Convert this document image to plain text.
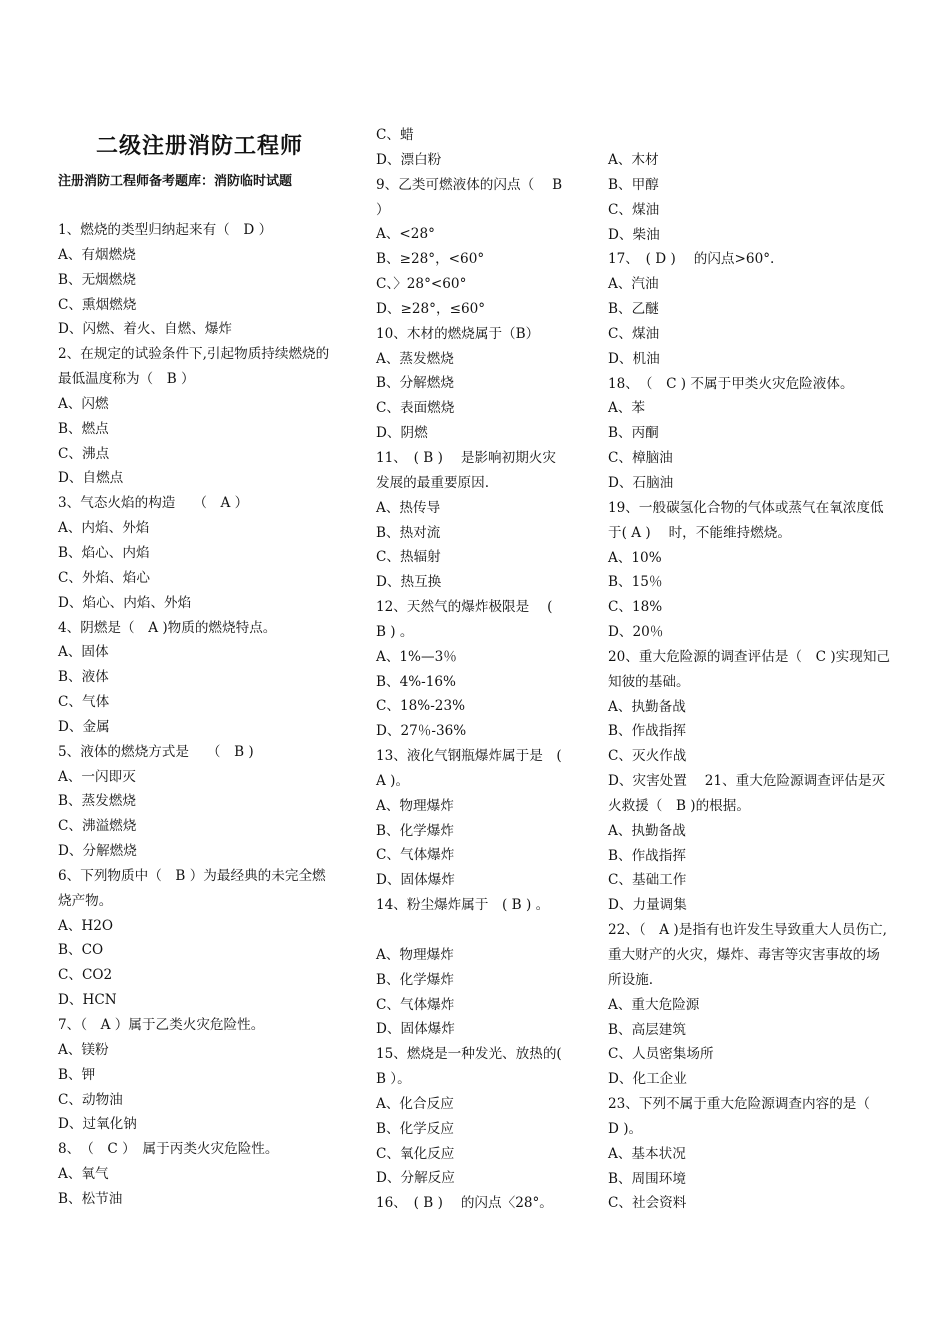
二级注册消防工程师
注册消防工程师备考题库：消防临时试题
1、燃烧的类型归纳起来有（　D ）
A、有烟燃烧
B、无烟燃烧
C、熏烟燃烧
D、闪燃、着火、自燃、爆炸
2、在规定的试验条件下,引起物质持续燃烧的
最低温度称为（　B ）
A、闪燃
B、燃点
C、沸点
D、自燃点
3、气态火焰的构造　 （　A ）
A、内焰、外焰
B、焰心、内焰
C、外焰、焰心
D、焰心、内焰、外焰
4、阴燃是（　A )物质的燃烧特点。
A、固体
B、液体
C、气体
D、金属
5、液体的燃烧方式是　 （　B )
A、一闪即灭
B、蒸发燃烧
C、沸溢燃烧
D、分解燃烧
6、下列物质中（　B ）为最经典的未完全燃
烧产物。
A、H2O
B、CO
C、CO2
D、HCN
7、（　A ）属于乙类火灾危险性。
A、镁粉
B、钾
C、动物油
D、过氧化钠
8、　（　C ）　属于丙类火灾危险性。
A、氧气
B、松节油
C、蜡
D、漂白粉
9、乙类可燃液体的闪点（　 B
）
A、<28°
B、≥28°，<60°
C、〉28°<60°
D、≥28°，≤60°
10、木材的燃烧属于（B）
A、蒸发燃烧
B、分解燃烧
C、表面燃烧
D、阴燃
11、　( B )　 是影响初期火灾
发展的最重要原因.
A、热传导
B、热对流
C、热辐射
D、热互换
12、天然气的爆炸极限是　 (
B ) 。
A、1%—3％
B、4%-16%
C、18%-23%
D、27％-36%
13、液化气钢瓶爆炸属于是　(
A )。
A、物理爆炸
B、化学爆炸
C、气体爆炸
D、固体爆炸
14、粉尘爆炸属于　( B ) 。
A、物理爆炸
B、化学爆炸
C、气体爆炸
D、固体爆炸
15、燃烧是一种发光、放热的(
B ）。
A、化合反应
B、化学反应
C、氧化反应
D、分解反应
16、　( B )　 的闪点〈28°。
A、木材
B、甲醇
C、煤油
D、柴油
17、　( D )　 的闪点>60°.
A、汽油
B、乙醚
C、煤油
D、机油
18、　（　C ) 不属于甲类火灾危险液体。
A、苯
B、丙酮
C、樟脑油
D、石脑油
19、一般碳氢化合物的气体或蒸气在氧浓度低
于( A )　 时，不能维持燃烧。
A、10%
B、15％
C、18%
D、20％
20、重大危险源的调查评估是（　C )实现知己
知彼的基础。
A、执勤备战
B、作战指挥
C、灭火作战
D、灾害处置　 21、重大危险源调查评估是灭
火救援（　B )的根据。
A、执勤备战
B、作战指挥
C、基础工作
D、力量调集
22、（　A )是指有也许发生导致重大人员伤亡,
重大财产的火灾，爆炸、毒害等灾害事故的场
所设施.
A、重大危险源
B、高层建筑
C、人员密集场所
D、化工企业
23、下列不属于重大危险源调查内容的是（
D )。
A、基本状况
B、周围环境
C、社会资料
